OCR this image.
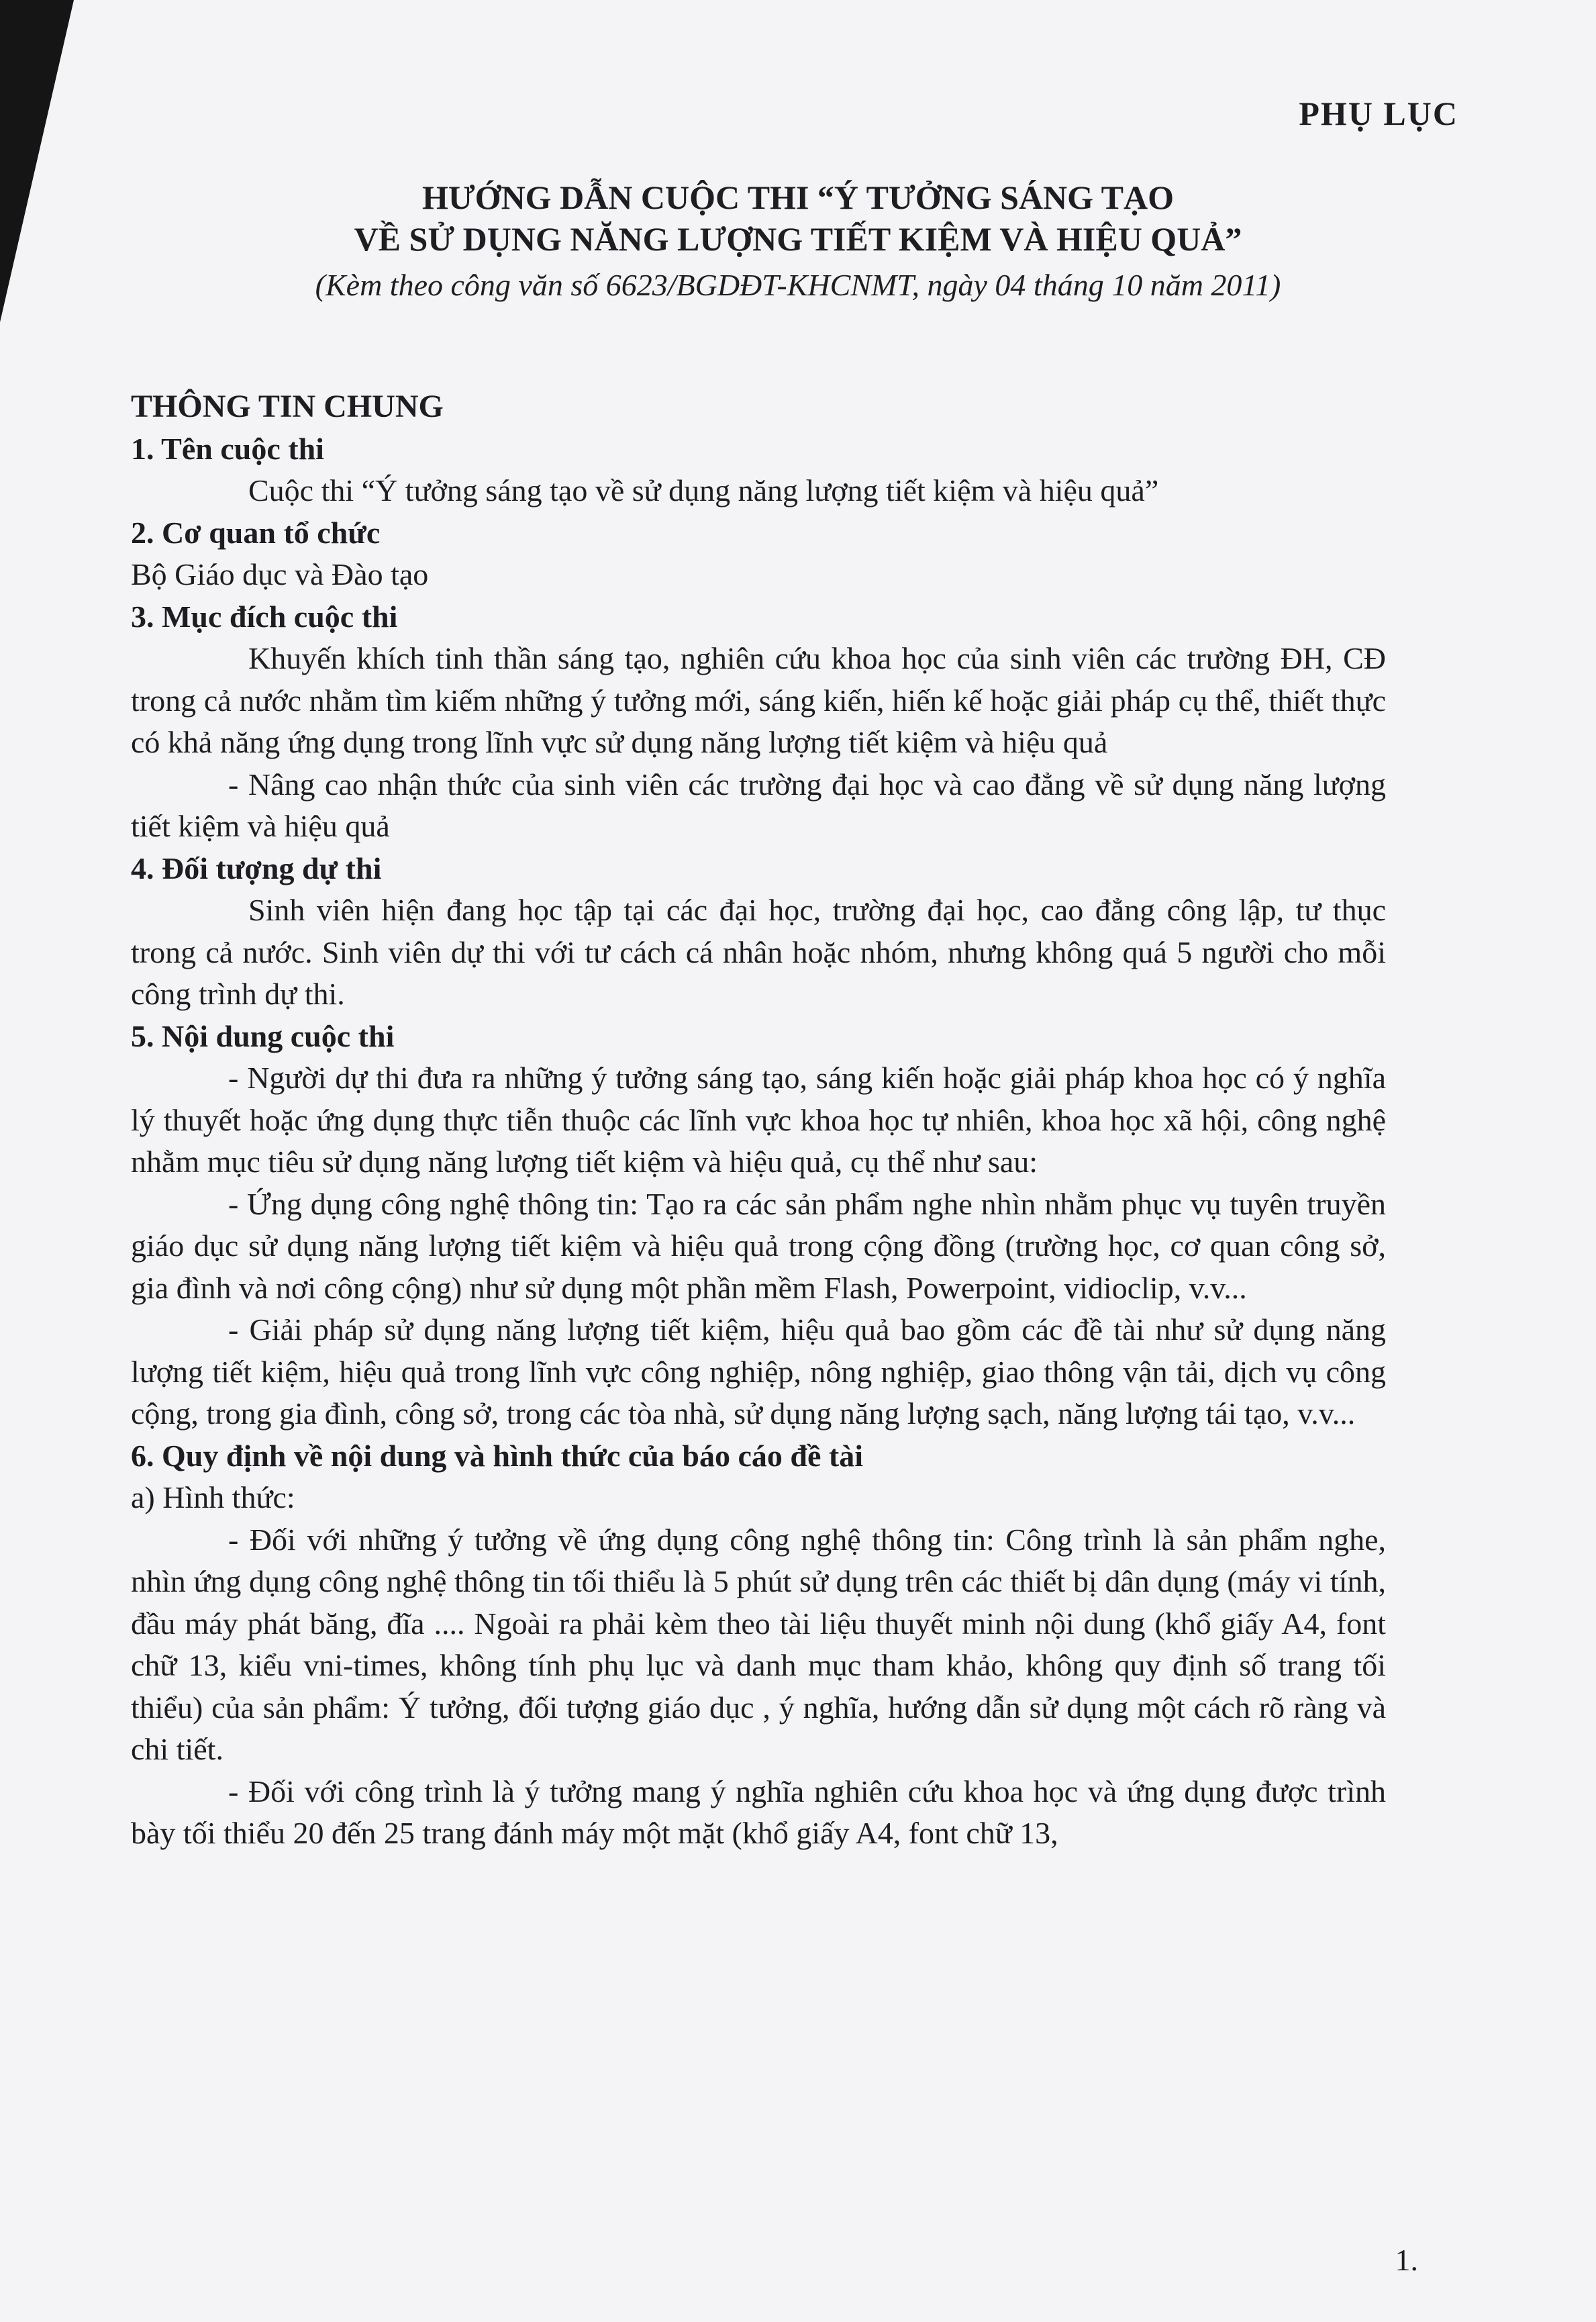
PHỤ LỤC
HƯỚNG DẪN CUỘC THI “Ý TƯỞNG SÁNG TẠO
VỀ SỬ DỤNG NĂNG LƯỢNG TIẾT KIỆM VÀ HIỆU QUẢ”
(Kèm theo công văn số 6623/BGDĐT-KHCNMT, ngày 04 tháng 10 năm 2011)

THÔNG TIN CHUNG

1. Tên cuộc thi

Cuộc thi “Ý tưởng sáng tạo về sử dụng năng lượng tiết kiệm và hiệu quả”

2. Cơ quan tổ chức

Bộ Giáo dục và Đào tạo

3. Mục đích cuộc thi

Khuyến khích tinh thần sáng tạo, nghiên cứu khoa học của sinh viên các trường ĐH, CĐ trong cả nước nhằm tìm kiếm những ý tưởng mới, sáng kiến, hiến kế hoặc giải pháp cụ thể, thiết thực có khả năng ứng dụng trong lĩnh vực sử dụng năng lượng tiết kiệm và hiệu quả

- Nâng cao nhận thức của sinh viên các trường đại học và cao đẳng về sử dụng năng lượng tiết kiệm và hiệu quả

4. Đối tượng dự thi

Sinh viên hiện đang học tập tại các đại học, trường đại học, cao đẳng công lập, tư thục trong cả nước. Sinh viên dự thi với tư cách cá nhân hoặc nhóm, nhưng không quá 5 người cho mỗi công trình dự thi.

5. Nội dung cuộc thi

- Người dự thi đưa ra những ý tưởng sáng tạo, sáng kiến hoặc giải pháp khoa học có ý nghĩa lý thuyết hoặc ứng dụng thực tiễn thuộc các lĩnh vực khoa học tự nhiên, khoa học xã hội, công nghệ nhằm mục tiêu sử dụng năng lượng tiết kiệm và hiệu quả, cụ thể như sau:

- Ứng dụng công nghệ thông tin: Tạo ra các sản phẩm nghe nhìn nhằm phục vụ tuyên truyền giáo dục sử dụng năng lượng tiết kiệm và hiệu quả trong cộng đồng (trường học, cơ quan công sở, gia đình và nơi công cộng) như sử dụng một phần mềm Flash, Powerpoint, vidioclip, v.v...

- Giải pháp sử dụng năng lượng tiết kiệm, hiệu quả bao gồm các đề tài như sử dụng năng lượng tiết kiệm, hiệu quả trong lĩnh vực công nghiệp, nông nghiệp, giao thông vận tải, dịch vụ công cộng, trong gia đình, công sở, trong các tòa nhà, sử dụng năng lượng sạch, năng lượng tái tạo, v.v...

6. Quy định về nội dung và hình thức của báo cáo đề tài

a) Hình thức:

- Đối với những ý tưởng về ứng dụng công nghệ thông tin: Công trình là sản phẩm nghe, nhìn ứng dụng công nghệ thông tin tối thiểu là 5 phút sử dụng trên các thiết bị dân dụng (máy vi tính, đầu máy phát băng, đĩa .... Ngoài ra phải kèm theo tài liệu thuyết minh nội dung (khổ giấy A4, font chữ 13, kiểu vni-times, không tính phụ lục và danh mục tham khảo, không quy định số trang tối thiểu) của sản phẩm: Ý tưởng, đối tượng giáo dục , ý nghĩa, hướng dẫn sử dụng một cách rõ ràng và chi tiết.

- Đối với công trình là ý tưởng mang ý nghĩa nghiên cứu khoa học và ứng dụng được trình bày tối thiểu 20 đến 25 trang đánh máy một mặt (khổ giấy A4, font chữ 13,

1.
